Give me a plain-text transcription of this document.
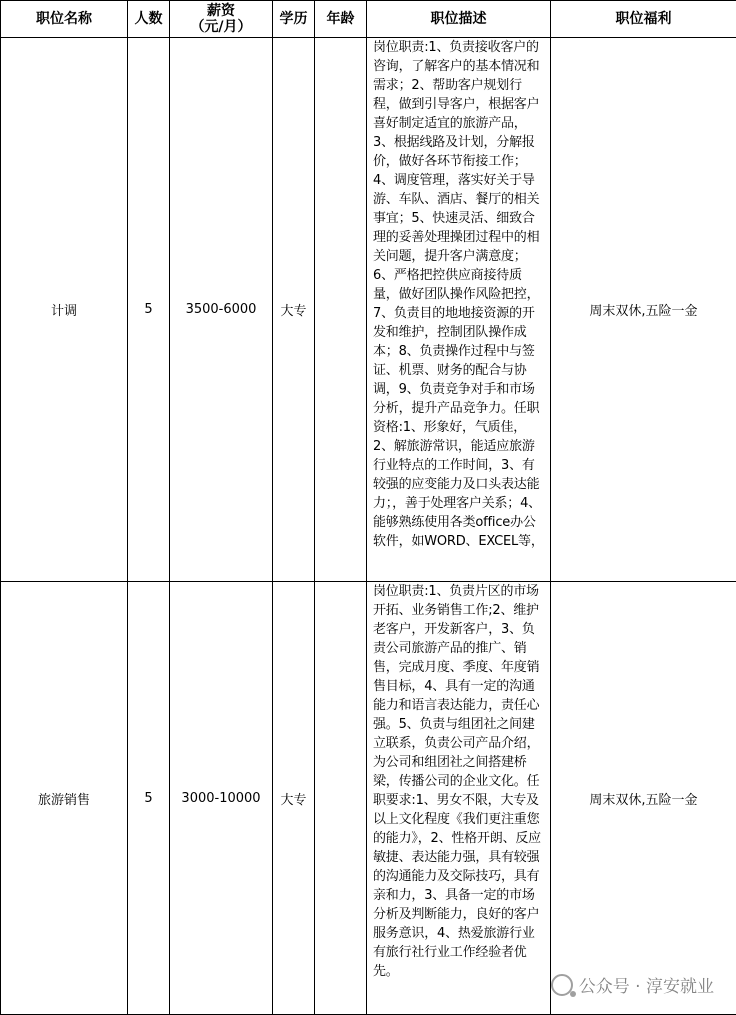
职位名称	人数	薪资
（元/月）	学历	年龄	职位描述	职位福利
计调	5	3500-6000	大专		岗位职责:1、负责接收客户的咨询，了解客户的基本情况和需求；2、帮助客户规划行程，做到引导客户，根据客户喜好制定适宜的旅游产品，3、根据线路及计划，分解报价，做好各环节衔接工作；4、调度管理，落实好关于导游、车队、酒店、餐厅的相关事宜；5、快速灵活、细致合理的妥善处理操团过程中的相关问题，提升客户满意度；6、严格把控供应商接待质量，做好团队操作风险把控，7、负责目的地地接资源的开发和维护，控制团队操作成本；8、负责操作过程中与签证、机票、财务的配合与协调，9、负责竞争对手和市场分析，提升产品竞争力。任职资格:1、形象好，气质佳，2、解旅游常识，能适应旅游行业特点的工作时间，3、有较强的应变能力及口头表达能力；，善于处理客户关系；4、能够熟练使用各类office办公软件，如WORD、EXCEL等，	周末双休,五险一金
旅游销售	5	3000-10000	大专		岗位职责:1、负责片区的市场开拓、业务销售工作;2、维护老客户，开发新客户，3、负责公司旅游产品的推广、销售，完成月度、季度、年度销售目标，4、具有一定的沟通能力和语言表达能力，责任心强。5、负责与组团社之间建立联系，负责公司产品介绍，为公司和组团社之间搭建桥梁，传播公司的企业文化。任职要求:1、男女不限，大专及以上文化程度《我们更注重您的能力》，2、性格开朗、反应敏捷、表达能力强，具有较强的沟通能力及交际技巧，具有亲和力，3、具备一定的市场分析及判断能力，良好的客户服务意识，4、热爱旅游行业有旅行社行业工作经验者优先。	周末双休,五险一金
公众号 · 淳安就业
